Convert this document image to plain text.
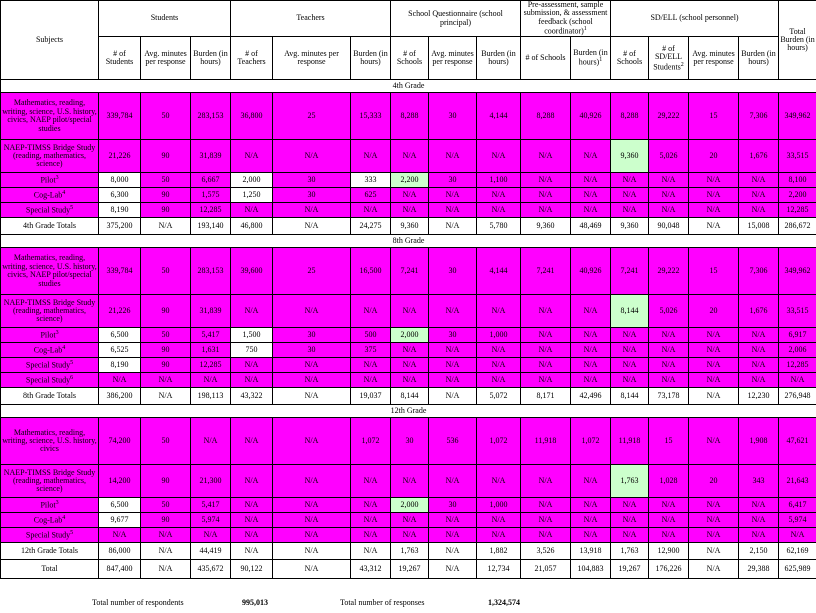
Subjects	Students			Teachers			School Questionnaire (school principal)			Pre-assessment, sample submission, & assessment feedback (school coordinator)$^1$		SD/ELL (school personnel)				Total Burden (in hours)
	# of Students	Avg. minutes per response	Burden (in hours)	# of Teachers	Avg. minutes per response	Burden (in hours)	# of Schools	Avg. minutes per response	Burden (in hours)	# of Schools	Burden (in hours)$^1$	# of Schools	# of SD/ELL Students$^2$	Avg. minutes per response	Burden (in hours)	
4th Grade																
Mathematics, reading, writing, science, U.S. history, civics, NAEP pilot/special studies	339,784	50	283,153	36,800	25	15,333	8,288	30	4,144	8,288	40,926	8,288	29,222	15	7,306	349,962
NAEP-TIMSS Bridge Study (reading, mathematics, science)	21,226	90	31,839	N/A	N/A	N/A	N/A	N/A	N/A	N/A	N/A	9,360	5,026	20	1,676	33,515
Pilot$^3$	8,000	50	6,667	2,000	30	333	2,200	30	1,100	N/A	N/A	N/A	N/A	N/A	N/A	8,100
Cog-Lab$^4$	6,300	90	1,575	1,250	30	625	N/A	N/A	N/A	N/A	N/A	N/A	N/A	N/A	N/A	2,200
Special Study$^5$	8,190	90	12,285	N/A	N/A	N/A	N/A	N/A	N/A	N/A	N/A	N/A	N/A	N/A	N/A	12,285
4th Grade Totals	375,200	N/A	193,140	46,800	N/A	24,275	9,360	N/A	5,780	9,360	48,469	9,360	90,048	N/A	15,008	286,672
8th Grade																
Mathematics, reading, writing, science, U.S. history, civics, NAEP pilot/special studies	339,784	50	283,153	39,600	25	16,500	7,241	30	4,144	7,241	40,926	7,241	29,222	15	7,306	349,962
NAEP-TIMSS Bridge Study (reading, mathematics, science)	21,226	90	31,839	N/A	N/A	N/A	N/A	N/A	N/A	N/A	N/A	8,144	5,026	20	1,676	33,515
Pilot$^3$	6,500	50	5,417	1,500	30	500	2,000	30	1,000	N/A	N/A	N/A	N/A	N/A	N/A	6,917
Cog-Lab$^4$	6,525	90	1,631	750	30	375	N/A	N/A	N/A	N/A	N/A	N/A	N/A	N/A	N/A	2,006
Special Study$^5$	8,190	90	12,285	N/A	N/A	N/A	N/A	N/A	N/A	N/A	N/A	N/A	N/A	N/A	N/A	12,285
Special Study$^6$	N/A	N/A	N/A	N/A	N/A	N/A	N/A	N/A	N/A	N/A	N/A	N/A	N/A	N/A	N/A	N/A
8th Grade Totals	386,200	N/A	198,113	43,322	N/A	19,037	8,144	N/A	5,072	8,171	42,496	8,144	73,178	N/A	12,230	276,948
12th Grade																
Mathematics, reading, writing, science, U.S. history, civics	74,200	50	N/A	N/A	N/A	1,072	30	536	1,072	11,918	1,072	11,918	15	N/A	1,908	47,621
NAEP-TIMSS Bridge Study (reading, mathematics, science)	14,200	90	21,300	N/A	N/A	N/A	N/A	N/A	N/A	N/A	N/A	1,763	1,028	20	343	21,643
Pilot$^3$	6,500	50	5,417	N/A	N/A	N/A	2,000	30	1,000	N/A	N/A	N/A	N/A	N/A	N/A	6,417
Cog-Lab$^4$	9,677	90	5,974	N/A	N/A	N/A	N/A	N/A	N/A	N/A	N/A	N/A	N/A	N/A	N/A	5,974
Special Study$^5$	N/A	N/A	N/A	N/A	N/A	N/A	N/A	N/A	N/A	N/A	N/A	N/A	N/A	N/A	N/A	N/A
12th Grade Totals	86,000	N/A	44,419	N/A	N/A	N/A	1,763	N/A	1,882	3,526	13,918	1,763	12,900	N/A	2,150	62,169
Total	847,400	N/A	435,672	90,122	N/A	43,312	19,267	N/A	12,734	21,057	104,883	19,267	176,226	N/A	29,388	625,989
Total number of respondents	995,013	Total number of responses	1,324,574
